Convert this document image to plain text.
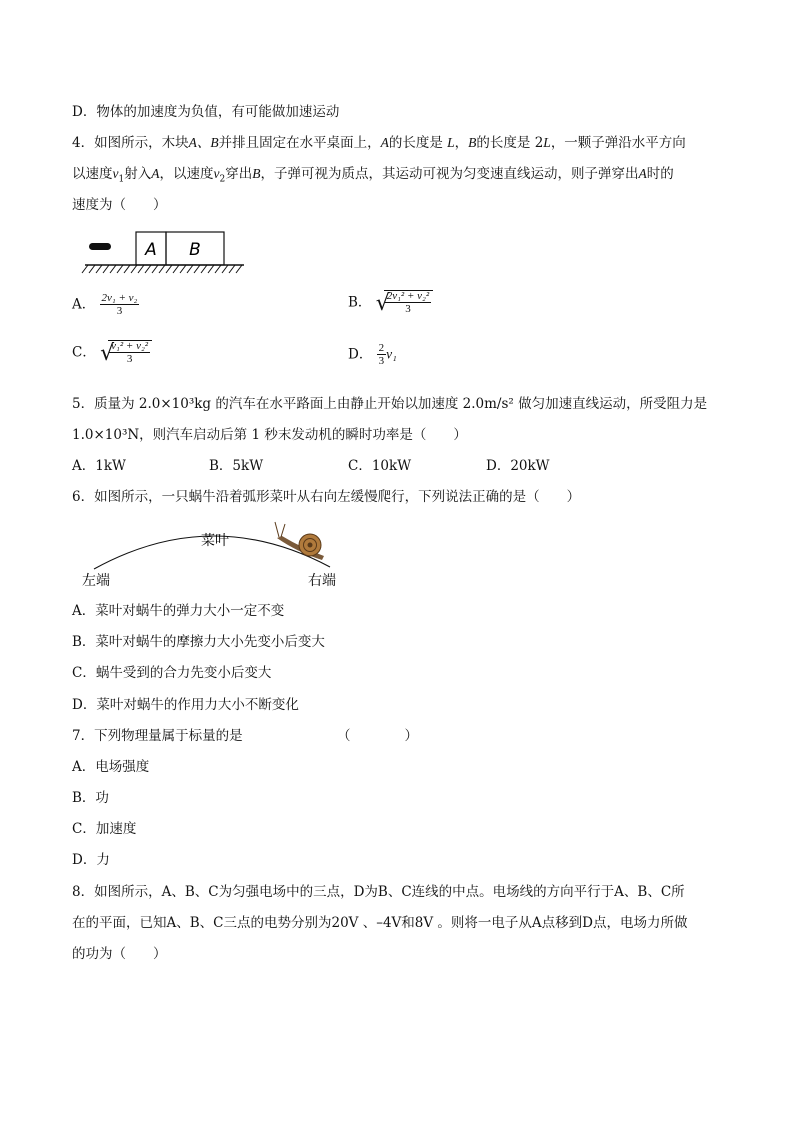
D．物体的加速度为负值，有可能做加速运动
4．如图所示，木块A、B并排且固定在水平桌面上，A的长度是 L，B的长度是 2L，一颗子弹沿水平方向
以速度$v_1$射入A，以速度$v_2$穿出B，子弹可视为质点，其运动可视为匀变速直线运动，则子弹穿出A时的
速度为（　　）
A B
A． $\frac{\text{2v₁ + v₂}}{3}$	B． √
$\frac{\text{2v₁² + v₂²}}{3}$
C． √
$\frac{\text{v₁² + v₂²}}{3}$	D． $\frac{2}{3} v_1$
5．质量为 2.0×10³kg 的汽车在水平路面上由静止开始以加速度 2.0m/s² 做匀加速直线运动，所受阻力是
1.0×10³N，则汽车启动后第 1 秒末发动机的瞬时功率是（　　）
A．1kW	B．5kW	C．10kW	D．20kW
6．如图所示，一只蜗牛沿着弧形菜叶从右向左缓慢爬行，下列说法正确的是（　　）
菜叶
左端	右端
A．菜叶对蜗牛的弹力大小一定不变
B．菜叶对蜗牛的摩擦力大小先变小后变大
C．蜗牛受到的合力先变小后变大
D．菜叶对蜗牛的作用力大小不断变化
7．下列物理量属于标量的是	（　　　　）
A．电场强度
B．功
C．加速度
D．力
8．如图所示，A、B、C为匀强电场中的三点，D为B、C连线的中点。电场线的方向平行于A、B、C所
在的平面，已知A、B、C三点的电势分别为20V 、–4V和8V 。则将一电子从A点移到D点，电场力所做
的功为（　　）
